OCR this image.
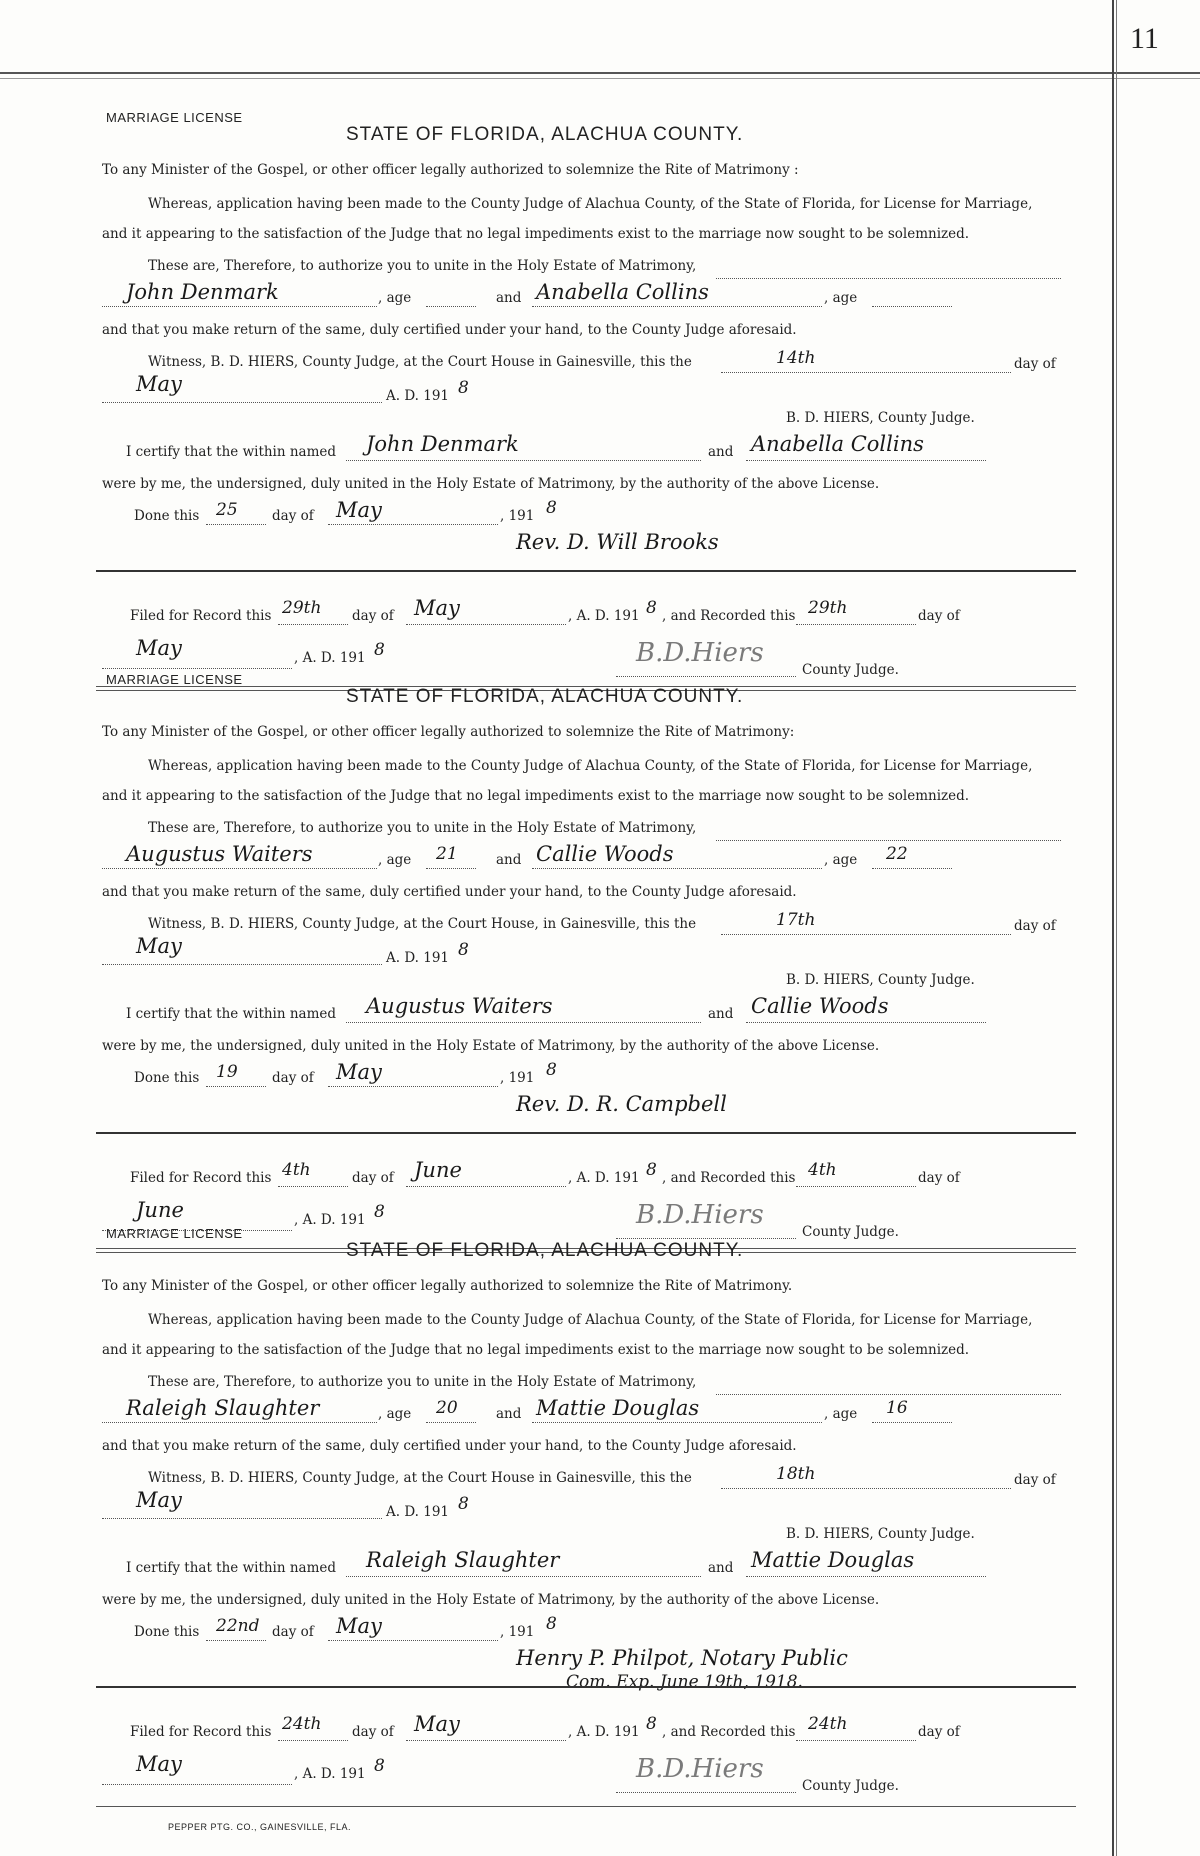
11
MARRIAGE LICENSE
STATE OF FLORIDA, ALACHUA COUNTY.
To any Minister of the Gospel, or other officer legally authorized to solemnize the Rite of Matrimony :
Whereas, application having been made to the County Judge of Alachua County, of the State of Florida, for License for Marriage,
and it appearing to the satisfaction of the Judge that no legal impediments exist to the marriage now sought to be solemnized.
These are, Therefore, to authorize you to unite in the Holy Estate of Matrimony,
John Denmark	, age	and Anabella Collins	, age
and that you make return of the same, duly certified under your hand, to the County Judge aforesaid.
Witness, B. D. HIERS, County Judge, at the Court House in Gainesville, this the	14th	day of
May	A. D. 191 8
B. D. HIERS, County Judge.
I certify that the within named John Denmark	and Anabella Collins
were by me, the undersigned, duly united in the Holy Estate of Matrimony, by the authority of the above License.
Done this 25	day of May	, 191 8
Rev. D. Will Brooks
Filed for Record this 29th day of May	, A. D. 191 8 , and Recorded this 29th	day of
May	, A. D. 191 8	B.D.Hiers
County Judge.
MARRIAGE LICENSE
STATE OF FLORIDA, ALACHUA COUNTY.
To any Minister of the Gospel, or other officer legally authorized to solemnize the Rite of Matrimony:
Whereas, application having been made to the County Judge of Alachua County, of the State of Florida, for License for Marriage,
and it appearing to the satisfaction of the Judge that no legal impediments exist to the marriage now sought to be solemnized.
These are, Therefore, to authorize you to unite in the Holy Estate of Matrimony,
Augustus Waiters	, age 21	and Callie Woods	, age 22
and that you make return of the same, duly certified under your hand, to the County Judge aforesaid.
Witness, B. D. HIERS, County Judge, at the Court House, in Gainesville, this the	17th	day of
May	A. D. 191 8
B. D. HIERS, County Judge.
I certify that the within named Augustus Waiters	and Callie Woods
were by me, the undersigned, duly united in the Holy Estate of Matrimony, by the authority of the above License.
Done this 19	day of May	, 191 8
Rev. D. R. Campbell
Filed for Record this 4th	day of June	, A. D. 191 8 , and Recorded this 4th	day of
June	, A. D. 191 8	B.D.Hiers
County Judge.
MARRIAGE LICENSE
STATE OF FLORIDA, ALACHUA COUNTY.
To any Minister of the Gospel, or other officer legally authorized to solemnize the Rite of Matrimony.
Whereas, application having been made to the County Judge of Alachua County, of the State of Florida, for License for Marriage,
and it appearing to the satisfaction of the Judge that no legal impediments exist to the marriage now sought to be solemnized.
These are, Therefore, to authorize you to unite in the Holy Estate of Matrimony,
Raleigh Slaughter	, age 20	and Mattie Douglas	, age 16
and that you make return of the same, duly certified under your hand, to the County Judge aforesaid.
Witness, B. D. HIERS, County Judge, at the Court House in Gainesville, this the	18th	day of
May	A. D. 191 8
B. D. HIERS, County Judge.
I certify that the within named Raleigh Slaughter	and Mattie Douglas
were by me, the undersigned, duly united in the Holy Estate of Matrimony, by the authority of the above License.
Done this 22nd day of May	, 191 8
Henry P. Philpot, Notary Public
Com. Exp. June 19th, 1918.
Filed for Record this 24th day of May	, A. D. 191 8 , and Recorded this 24th	day of
May	, A. D. 191 8	B.D.Hiers
County Judge.
PEPPER PTG. CO., GAINESVILLE, FLA.
